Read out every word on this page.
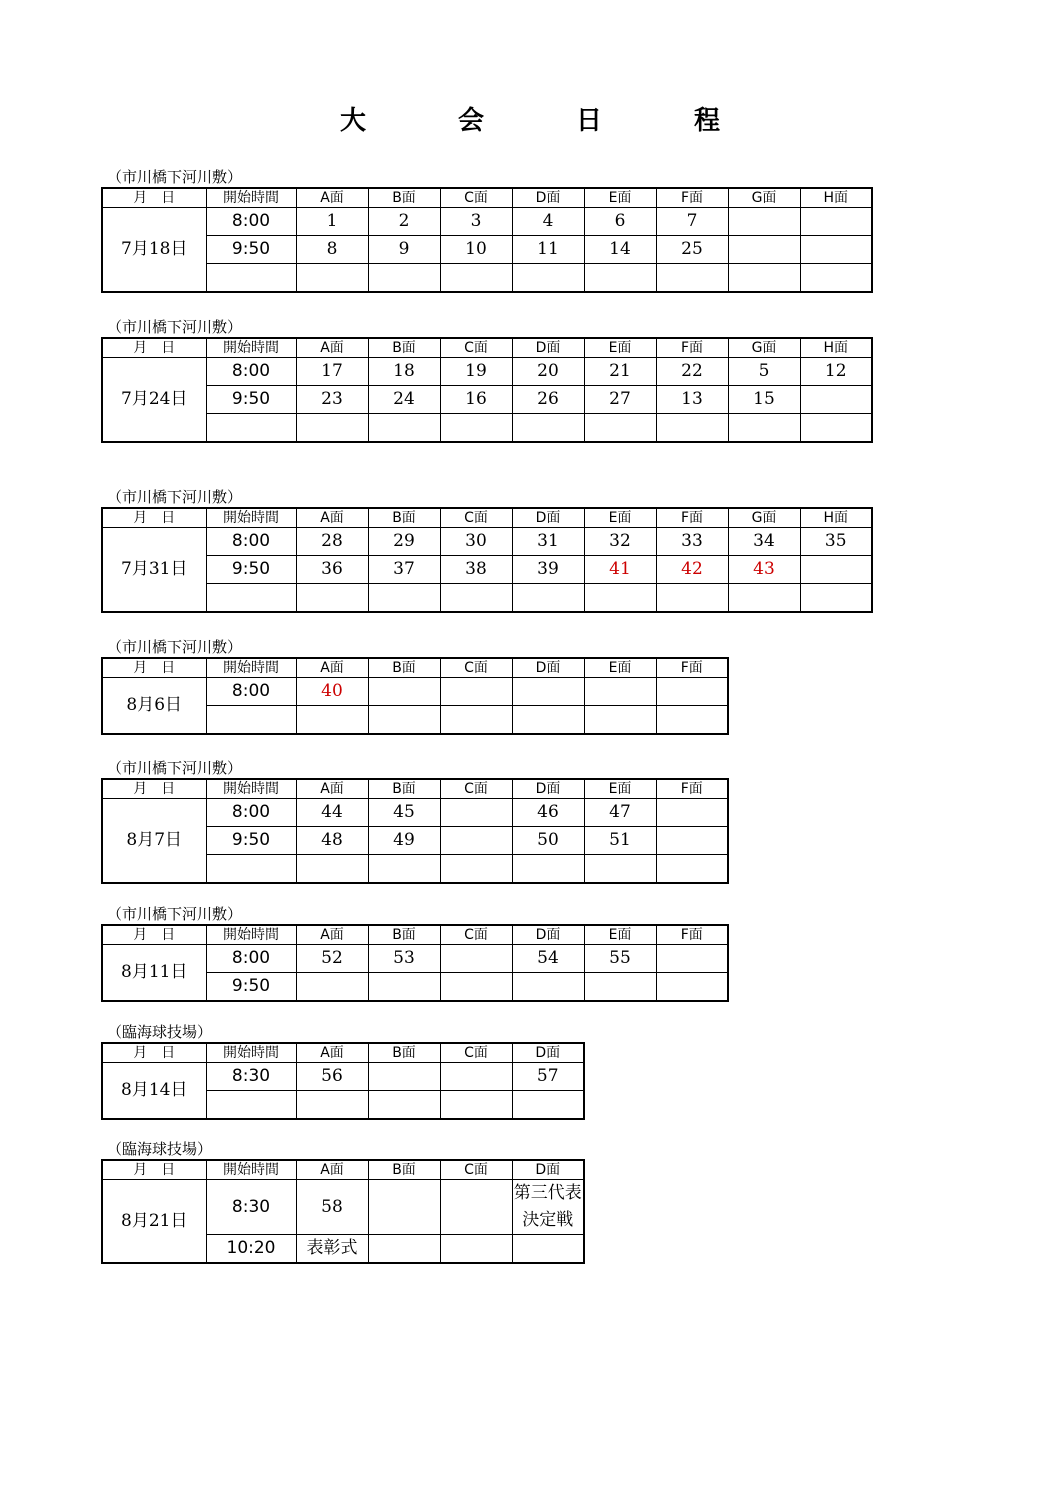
大	会	日	程
（市川橋下河川敷）
月　日	開始時間	A面	B面	C面	D面	E面	F面	G面	H面
7月18日	8:00	1	2	3	4	6	7		
	9:50	8	9	10	11	14	25		

（市川橋下河川敷）
月　日	開始時間	A面	B面	C面	D面	E面	F面	G面	H面
7月24日	8:00	17	18	19	20	21	22	5	12
	9:50	23	24	16	26	27	13	15	

（市川橋下河川敷）
月　日	開始時間	A面	B面	C面	D面	E面	F面	G面	H面
7月31日	8:00	28	29	30	31	32	33	34	35
	9:50	36	37	38	39	41	42	43	

（市川橋下河川敷）
月　日	開始時間	A面	B面	C面	D面	E面	F面
8月6日	8:00	40					

（市川橋下河川敷）
月　日	開始時間	A面	B面	C面	D面	E面	F面
8月7日	8:00	44	45		46	47	
	9:50	48	49		50	51	

（市川橋下河川敷）
月　日	開始時間	A面	B面	C面	D面	E面	F面
8月11日	8:00	52	53		54	55	
	9:50						
（臨海球技場）
月　日	開始時間	A面	B面	C面	D面
8月14日	8:30	56			57

（臨海球技場）
月　日	開始時間	A面	B面	C面	D面
8月21日	8:30	58			第三代表
決定戦
	10:20	表彰式			
